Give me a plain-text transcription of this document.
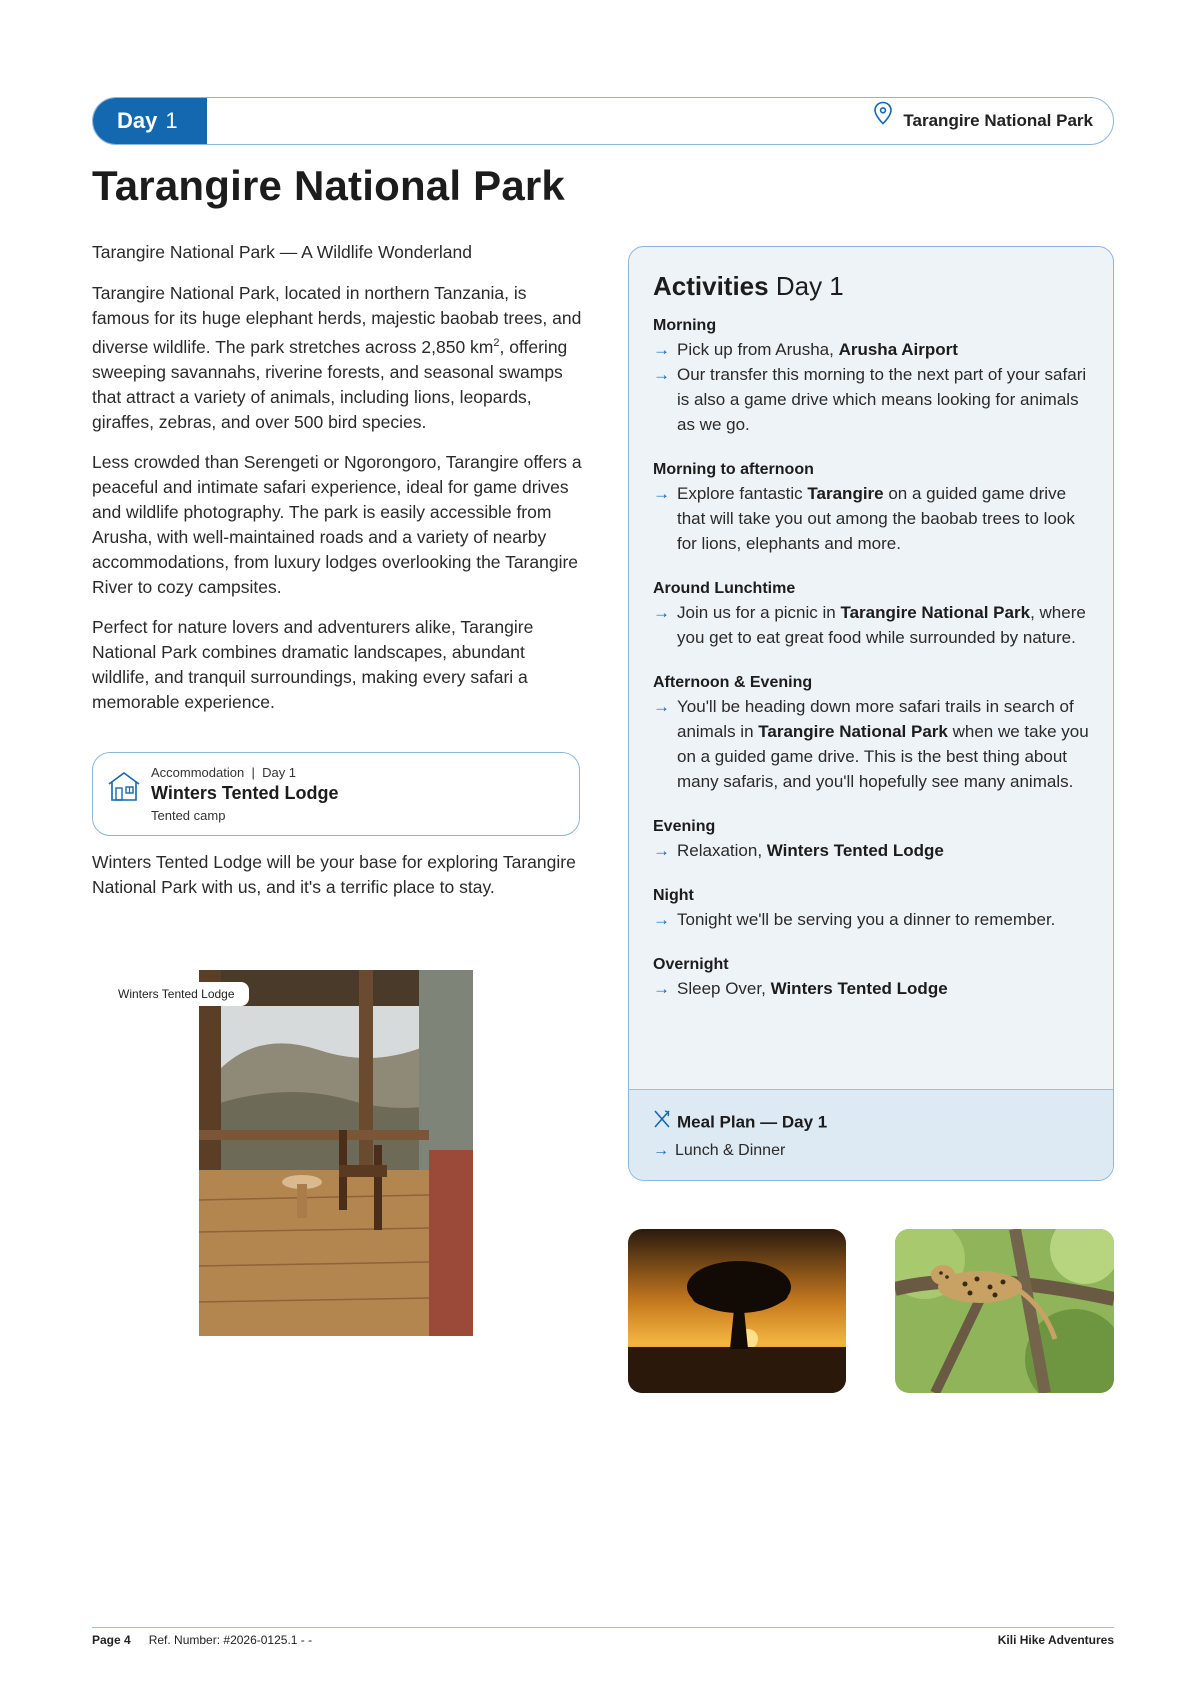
Day 1	Tarangire National Park
Tarangire National Park

Tarangire National Park — A Wildlife Wonderland

Tarangire National Park, located in northern Tanzania, is famous for its huge elephant herds, majestic baobab trees, and diverse wildlife. The park stretches across 2,850 $km^2$, offering sweeping savannahs, riverine forests, and seasonal swamps that attract a variety of animals, including lions, leopards, giraffes, zebras, and over 500 bird species.

Less crowded than Serengeti or Ngorongoro, Tarangire offers a peaceful and intimate safari experience, ideal for game drives and wildlife photography. The park is easily accessible from Arusha, with well-maintained roads and a variety of nearby accommodations, from luxury lodges overlooking the Tarangire River to cozy campsites.

Perfect for nature lovers and adventurers alike, Tarangire National Park combines dramatic landscapes, abundant wildlife, and tranquil surroundings, making every safari a memorable experience.

Accommodation | Day 1
Winters Tented Lodge
Tented camp

Winters Tented Lodge will be your base for exploring Tarangire National Park with us, and it's a terrific place to stay.

Winters Tented Lodge
Activities Day 1
Morning
→ Pick up from Arusha, Arusha Airport
→ Our transfer this morning to the next part of your safari is also a game drive which means looking for animals as we go.
Morning to afternoon
→ Explore fantastic Tarangire on a guided game drive that will take you out among the baobab trees to look for lions, elephants and more.
Around Lunchtime
→ Join us for a picnic in Tarangire National Park, where you get to eat great food while surrounded by nature.
Afternoon & Evening
→ You'll be heading down more safari trails in search of animals in Tarangire National Park when we take you on a guided game drive. This is the best thing about many safaris, and you'll hopefully see many animals.
Evening
→ Relaxation, Winters Tented Lodge
Night
→ Tonight we'll be serving you a dinner to remember.
Overnight
→ Sleep Over, Winters Tented Lodge
Meal Plan — Day 1
→ Lunch & Dinner
Page 4 Ref. Number: #2026-0125.1 - -	Kili Hike Adventures
